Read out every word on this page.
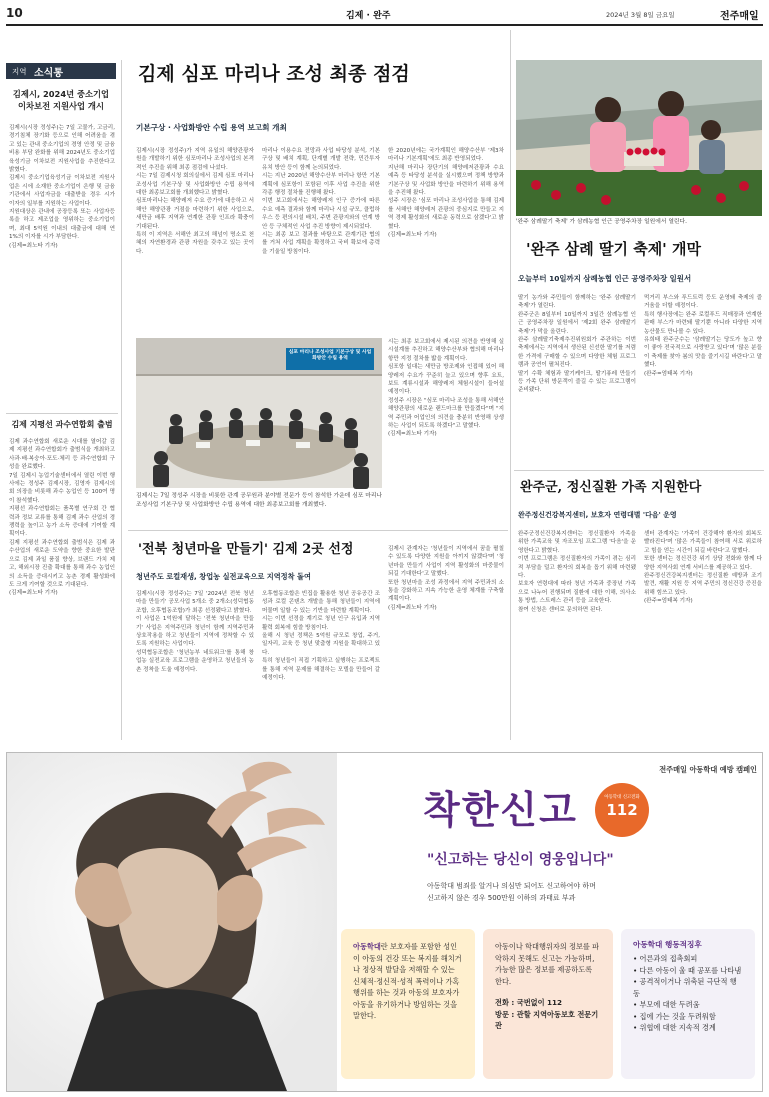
10	김제 · 완주	2024년 3월 8일 금요일	전주매일
지역 소식통
김제시, 2024년 중소기업
이차보전 지원사업 개시
김제시(시장 정성주)는 7일 고물가, 고금리, 경기침체 장기화 등으로 인해 어려움을 겪고 있는 관내 중소기업의 경영 안정 및 금융 비용 부담 완화를 위해 2024년도 중소기업육성기금 이차보전 지원사업을 추진한다고 밝혔다.
김제시 중소기업육성기금 이차보전 지원사업은 시에 소재한 중소기업이 은행 및 금융기관에서 사업자금을 대출받을 경우 시가 이자의 일부를 지원하는 사업이다.
지원대상은 관내에 공장등록 또는 사업자등록을 하고 제조업을 영위하는 중소기업이며, 최대 5억원 이내의 대출금에 대해 연 1%의 이자를 시가 부담한다.
(김제=최노타 기자)
김제 지평선 과수연합회 출범
김제 과수연합회 새로운 시대를 열어갈 김제 지평선 과수연합회가 출범식을 개최하고 사과·배·복숭아·포도·체리 등 과수연합회 구성을 완료했다.
7일 김제시 농업기술센터에서 열린 이번 행사에는 정성주 김제시장, 김영자 김제시의회 의장을 비롯해 과수 농업인 등 100여 명이 참석했다.
지평선 과수연합회는 품목별 연구회 간 협력과 정보 교류를 통해 김제 과수 산업의 경쟁력을 높이고 농가 소득 증대에 기여할 계획이다.
김제 지평선 과수연합회 출범식은 김제 과수산업의 새로운 도약을 향한 중요한 발판으로 김제 과일 품질 향상, 브랜드 가치 제고, 해외시장 진출 확대를 통해 과수 농업인의 소득을 증대시키고 농촌 경제 활성화에도 크게 기여할 것으로 기대된다.
(김제=최노타 기자)
김제 심포 마리나 조성 최종 점검
기본구상 · 사업화방안 수립 용역 보고회 개최
김제시(시장 정성주)가 지역 유일의 해양관광자원을 개발하기 위한 심포마리나 조성사업의 본격적인 추진을 위해 최종 점검에 나섰다.
시는 7일 김제시청 회의실에서 김제 심포 마리나 조성사업 기본구상 및 사업화방안 수립 용역에 대한 최종보고회를 개최했다고 밝혔다.
심포마리나는 해양레저 수요 증가에 대응하고 서해안 해양관광 거점을 마련하기 위한 사업으로, 새만금 배후 지역과 연계한 관광 인프라 확충이 기대된다.
특히 이 지역은 서해안 최고의 해넘이 명소로 천혜의 자연환경과 관광 자원을 갖추고 있는 곳이다.
마리나 이용수요 전망과 사업 타당성 분석, 기본구상 및 배치 계획, 단계별 개발 전략, 민간투자 유치 방안 등이 함께 논의되었다.
시는 지난 2020년 해양수산부 마리나 항만 기본계획에 심포항이 포함된 이후 사업 추진을 위한 각종 행정 절차를 진행해 왔다.
이번 보고회에서는 해양레저 인구 증가에 따른 수요 예측 결과와 함께 마리나 시설 규모, 클럽하우스 등 편의시설 배치, 주변 관광지와의 연계 방안 등 구체적인 사업 추진 방향이 제시되었다.
시는 최종 보고 결과를 바탕으로 관계기관 협의를 거쳐 사업 계획을 확정하고 국비 확보에 총력을 기울일 방침이다.
한 2020년에는 국가계획인 해양수산부 '제3차 마리나 기본계획'에도 최종 반영되었다.
지난해 마리나 장단기의 해양레저관광과 수요 예측 등 타당성 분석을 실시했으며 정책 방향과 기본구상 및 사업화 방안을 마련하기 위해 용역을 추진해 왔다.
성주 시장은 '심포 마리나 조성사업을 통해 김제를 서해안 해양레저 관광의 중심지로 만들고 지역 경제 활성화의 새로운 동력으로 삼겠다'고 밝혔다.
(김제=최노타 기자)
심포 마리나 조성사업 기본구상 및 사업화방안 수립 용역
김제시는 7일 정성주 시장을 비롯한 관계 공무원과 분야별 전문가 등이 참석한 가운데 심포 마리나 조성사업 기본구상 및 사업화방안 수립 용역에 대한 최종보고회를 개최했다.
시는 최종 보고회에서 제시된 의견을 반영해 실시설계를 추진하고 해양수산부와 협의해 마리나 항만 지정 절차를 밟을 계획이다.
심포항 일대는 새만금 방조제와 인접해 있어 해양레저 수요가 꾸준히 늘고 있으며 향후 요트, 보트 계류시설과 해양레저 체험시설이 들어설 예정이다.
정성주 시장은 "심포 마리나 조성을 통해 서해안 해양관광의 새로운 랜드마크를 만들겠다"며 "지역 주민과 어업인의 의견을 충분히 반영해 상생하는 사업이 되도록 하겠다"고 말했다.
(김제=최노타 기자)
'전북 청년마을 만들기' 김제 2곳 선정
청년주도 로컬재생, 창업농 실전교육으로 지역정착 돌여
김제시(시장 정성주)는 7일 '2024년 전북 청년마을 만들기' 공모사업 5개소 중 2개소(성덕협동조합, 오후협동조합)가 최종 선정됐다고 밝혔다.
이 사업은 1억원에 달하는 '전북 청년마을 만들기' 사업은 지역주민과 청년이 함께 지역주민과 상호작용을 하고 청년들이 지역에 정착할 수 있도록 지원하는 사업이다.
성덕협동조합은 '청년농부 네트워크'를 통해 창업농 실전교육 프로그램을 운영하고 청년들의 농촌 정착을 도울 예정이다.
오후협동조합은 빈집을 활용한 청년 공유공간 조성과 로컬 콘텐츠 개발을 통해 청년들이 지역에 머물며 일할 수 있는 기반을 마련할 계획이다.
시는 이번 선정을 계기로 청년 인구 유입과 지역 활력 회복에 힘쓸 방침이다.
올해 시 청년 정책은 5억원 규모로 창업, 주거, 일자리, 교육 등 청년 맞춤형 지원을 확대하고 있다.
특히 청년들이 직접 기획하고 실행하는 프로젝트를 통해 지역 문제를 해결하는 모델을 만들어 갈 예정이다.
김제시 관계자는 '청년들이 지역에서 꿈을 펼칠 수 있도록 다양한 지원을 아끼지 않겠다'며 '청년마을 만들기 사업이 지역 활성화의 마중물이 되길 기대한다'고 말했다.
또한 청년마을 조성 과정에서 지역 주민과의 소통을 강화하고 지속 가능한 운영 체계를 구축할 계획이다.
(김제=최노타 기자)
'완주 삼례딸기 축제' 가 삼례농협 인근 공영주차장 일원에서 열린다.
'완주 삼례 딸기 축제' 개막
오늘부터 10일까지 삼례농협 인근 공영주차장 일원서
딸기 농가와 주민들이 함께하는 '완주 삼례딸기 축제'가 열린다.
완주군은 8일부터 10일까지 3일간 삼례농협 인근 공영주차장 일원에서 '제2회 완주 삼례딸기 축제'가 막을 올린다.
완주 삼례딸기축제추진위원회가 주관하는 이번 축제에서는 지역에서 생산된 신선한 딸기를 저렴한 가격에 구매할 수 있으며 다양한 체험 프로그램과 공연이 펼쳐진다.
딸기 수확 체험과 딸기케이크, 딸기퓨레 만들기 등 가족 단위 방문객이 즐길 수 있는 프로그램이 준비됐다.
먹거리 부스와 푸드트럭 등도 운영돼 축제의 즐거움을 더할 예정이다.
특히 행사장에는 완주 로컬푸드 직매장과 연계한 판매 부스가 마련돼 딸기뿐 아니라 다양한 지역 농산물도 만나볼 수 있다.
유희태 완주군수는 '삼례딸기는 당도가 높고 향이 좋아 전국적으로 사랑받고 있다'며 '많은 분들이 축제를 찾아 봄의 맛을 즐기시길 바란다'고 말했다.
(완주=엄태복 기자)
완주군, 정신질환 가족 지원한다
완주정신건강복지센터, 보호자 연령대별 '다음' 운영
완주군정신건강복지센터는 정신질환자 가족을 위한 가족교육 및 자조모임 프로그램 '다음'을 운영한다고 밝혔다.
이번 프로그램은 정신질환자의 가족이 겪는 심리적 부담을 덜고 환자의 회복을 돕기 위해 마련됐다.
보호자 연령대에 따라 청년 가족과 중장년 가족으로 나누어 진행되며 질환에 대한 이해, 의사소통 방법, 스트레스 관리 등을 교육한다.
참여 신청은 센터로 문의하면 된다.
센터 관계자는 '가족이 건강해야 환자의 회복도 빨라진다'며 '많은 가족들이 참여해 서로 위로하고 힘을 얻는 시간이 되길 바란다'고 말했다.
또한 센터는 정신건강 위기 상담 전화와 함께 다양한 지역사회 연계 서비스를 제공하고 있다.
완주정신건강복지센터는 정신질환 예방과 조기 발견, 재활 지원 등 지역 주민의 정신건강 증진을 위해 힘쓰고 있다.
(완주=엄태복 기자)
전주매일 아동학대 예방 캠페인
착한신고	아동학대 신고전화
112
"신고하는 당신이 영웅입니다"
아동학대 범죄를 알거나 의심만 되어도 신고하여야 하며
신고하지 않은 경우 500만원 이하의 과태료 부과
아동학대란 보호자를 포함한 성인이 아동의 건강 또는 복지를 해치거나 정상적 발달을 저해할 수 있는 신체적·정신적·성적 폭력이나 가혹행위를 하는 것과 아동의 보호자가 아동을 유기하거나 방임하는 것을 말한다.
아동이나 학대행위자의 정보를 파악하지 못해도 신고는 가능하며, 가능한 많은 정보를 제공하도록 한다.
전화 : 국번없이 112
방문 : 관할 지역아동보호 전문기관
아동학대 행동적징후
• 어른과의 접촉회피
• 다른 아동이 울 때 공포를 나타냄
• 공격적이거나 위축된 극단적 행동
• 부모에 대한 두려움
• 집에 가는 것을 두려워함
• 위협에 대한 지속적 경계
